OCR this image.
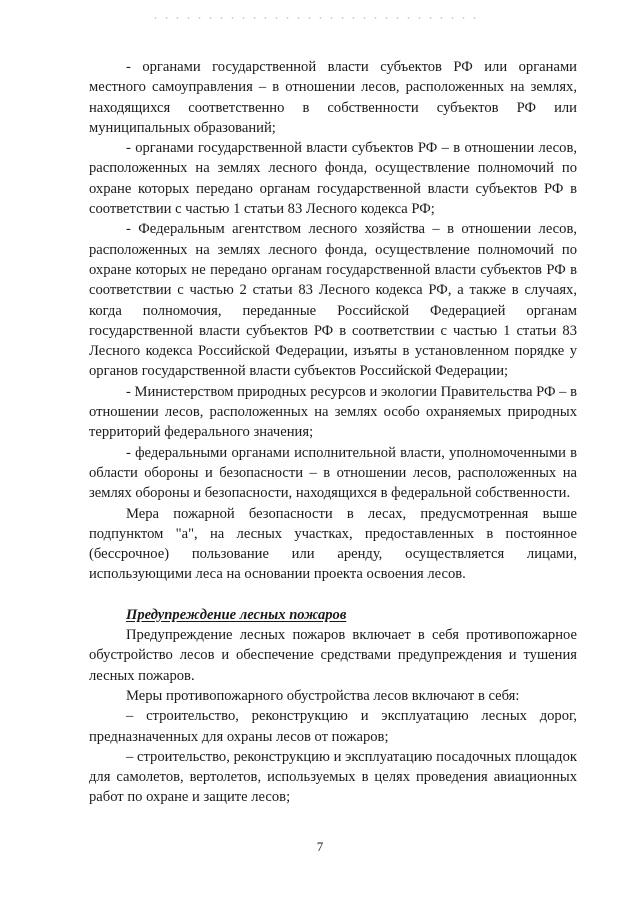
- органами государственной власти субъектов РФ или органами местного самоуправления – в отношении лесов, расположенных на землях, находящихся соответственно в собственности субъектов РФ или муниципальных образований;

- органами государственной власти субъектов РФ – в отношении лесов, расположенных на землях лесного фонда, осуществление полномочий по охране которых передано органам государственной власти субъектов РФ в соответствии с частью 1 статьи 83 Лесного кодекса РФ;

- Федеральным агентством лесного хозяйства – в отношении лесов, расположенных на землях лесного фонда, осуществление полномочий по охране которых не передано органам государственной власти субъектов РФ в соответствии с частью 2 статьи 83 Лесного кодекса РФ, а также в случаях, когда полномочия, переданные Российской Федерацией органам государственной власти субъектов РФ в соответствии с частью 1 статьи 83 Лесного кодекса Российской Федерации, изъяты в установленном порядке у органов государственной власти субъектов Российской Федерации;

- Министерством природных ресурсов и экологии Правительства РФ – в отношении лесов, расположенных на землях особо охраняемых природных территорий федерального значения;

- федеральными органами исполнительной власти, уполномоченными в области обороны и безопасности – в отношении лесов, расположенных на землях обороны и безопасности, находящихся в федеральной собственности.

Мера пожарной безопасности в лесах, предусмотренная выше подпунктом "а", на лесных участках, предоставленных в постоянное (бессрочное) пользование или аренду, осуществляется лицами, использующими леса на основании проекта освоения лесов.

Предупреждение лесных пожаров

Предупреждение лесных пожаров включает в себя противопожарное обустройство лесов и обеспечение средствами предупреждения и тушения лесных пожаров.

Меры противопожарного обустройства лесов включают в себя:

– строительство, реконструкцию и эксплуатацию лесных дорог, предназначенных для охраны лесов от пожаров;

– строительство, реконструкцию и эксплуатацию посадочных площадок для самолетов, вертолетов, используемых в целях проведения авиационных работ по охране и защите лесов;

7
